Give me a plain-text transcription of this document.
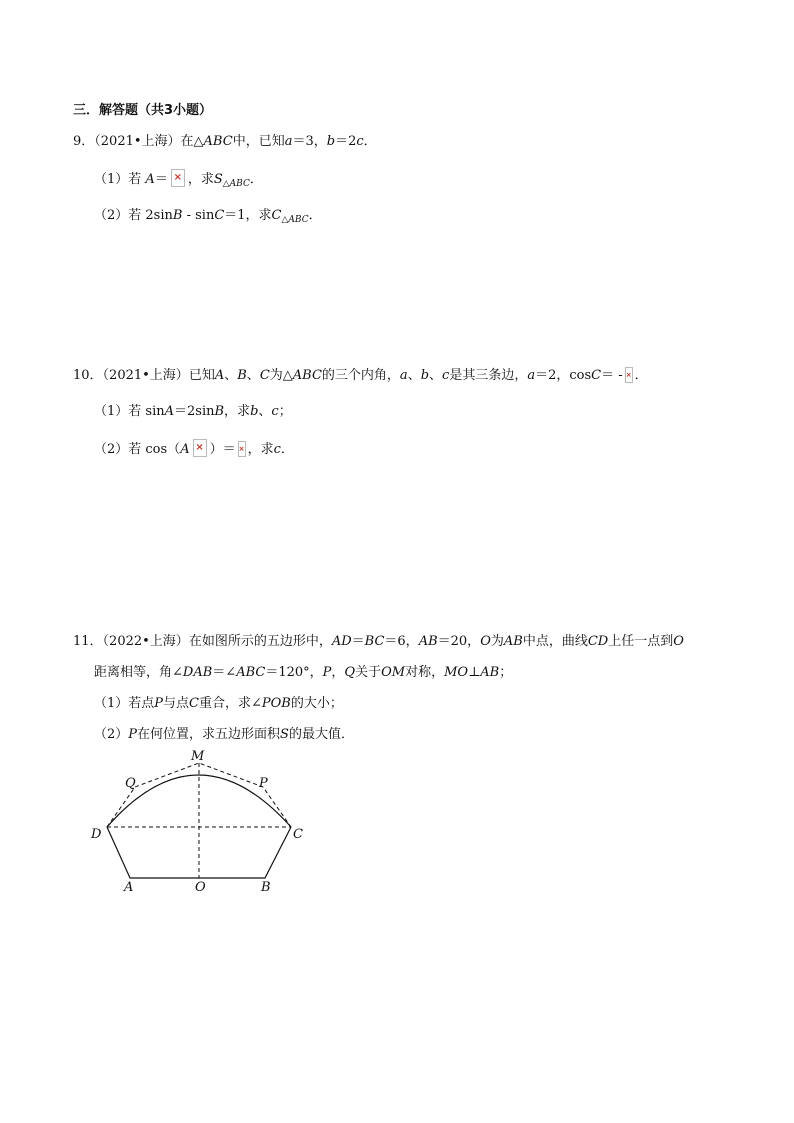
三．解答题（共3小题）
9．（2021•上海）在△ABC中，已知a＝3，b＝2c．
（1）若 A＝ × ，求$S_{\triangle ABC}$．
（2）若 2sinB - sinC＝1，求$C_{\triangle ABC}$．
10．（2021•上海）已知A、B、C为△ABC的三个内角，a、b、c是其三条边，a＝2，cosC＝ - × ．
（1）若 sinA＝2sinB，求b、c；
（2）若 cos（A × ）＝ × ，求c．
11．（2022•上海）在如图所示的五边形中，AD＝BC＝6，AB＝20，O为AB中点，曲线CD上任一点到O
距离相等，角∠DAB＝∠ABC＝120°，P，Q关于OM对称，MO⊥AB；
（1）若点P与点C重合，求∠POB的大小；
（2）P在何位置，求五边形面积S的最大值．
M
Q	P
D	C
A	O	B
